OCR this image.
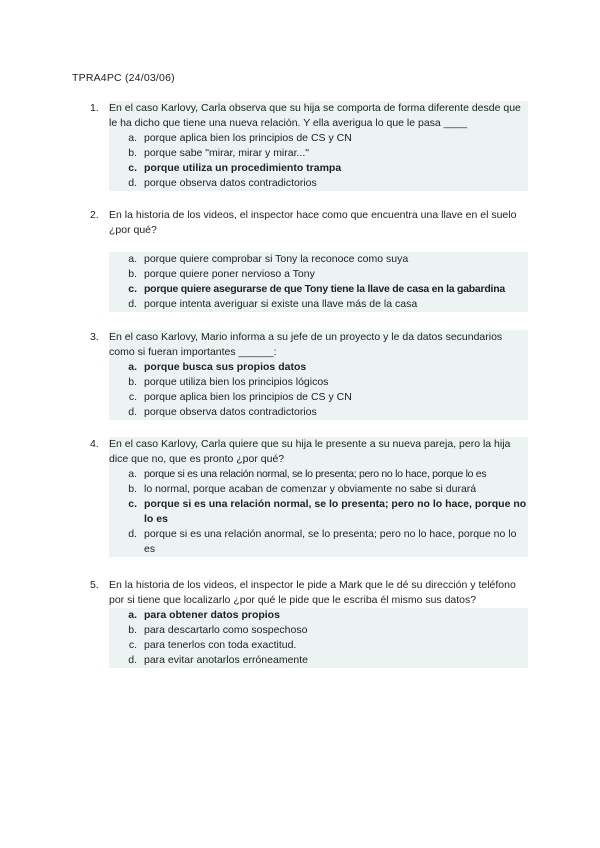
TPRA4PC (24/03/06)
1. En el caso Karlovy, Carla observa que su hija se comporta de forma diferente desde que le ha dicho que tiene una nueva relación. Y ella averigua lo que le pasa ____
a. porque aplica bien los principios de CS y CN
b. porque sabe "mirar, mirar y mirar..."
c. porque utiliza un procedimiento trampa
d. porque observa datos contradictorios
2. En la historia de los videos, el inspector hace como que encuentra una llave en el suelo ¿por qué?
a. porque quiere comprobar si Tony la reconoce como suya
b. porque quiere poner nervioso a Tony
c. porque quiere asegurarse de que Tony tiene la llave de casa en la gabardina
d. porque intenta averiguar si existe una llave más de la casa
3. En el caso Karlovy, Mario informa a su jefe de un proyecto y le da datos secundarios como si fueran importantes ______:
a. porque busca sus propios datos
b. porque utiliza bien los principios lógicos
c. porque aplica bien los principios de CS y CN
d. porque observa datos contradictorios
4. En el caso Karlovy, Carla quiere que su hija le presente a su nueva pareja, pero la hija dice que no, que es pronto ¿por qué?
a. porque si es una relación normal, se lo presenta; pero no lo hace, porque lo es
b. lo normal, porque acaban de comenzar y obviamente no sabe si durará
c. porque si es una relación normal, se lo presenta; pero no lo hace, porque no lo es
d. porque si es una relación anormal, se lo presenta; pero no lo hace, porque no lo es
5. En la historia de los videos, el inspector le pide a Mark que le dé su dirección y teléfono por si tiene que localizarlo ¿por qué le pide que le escriba él mismo sus datos?
a. para obtener datos propios
b. para descartarlo como sospechoso
c. para tenerlos con toda exactitud.
d. para evitar anotarlos erróneamente
